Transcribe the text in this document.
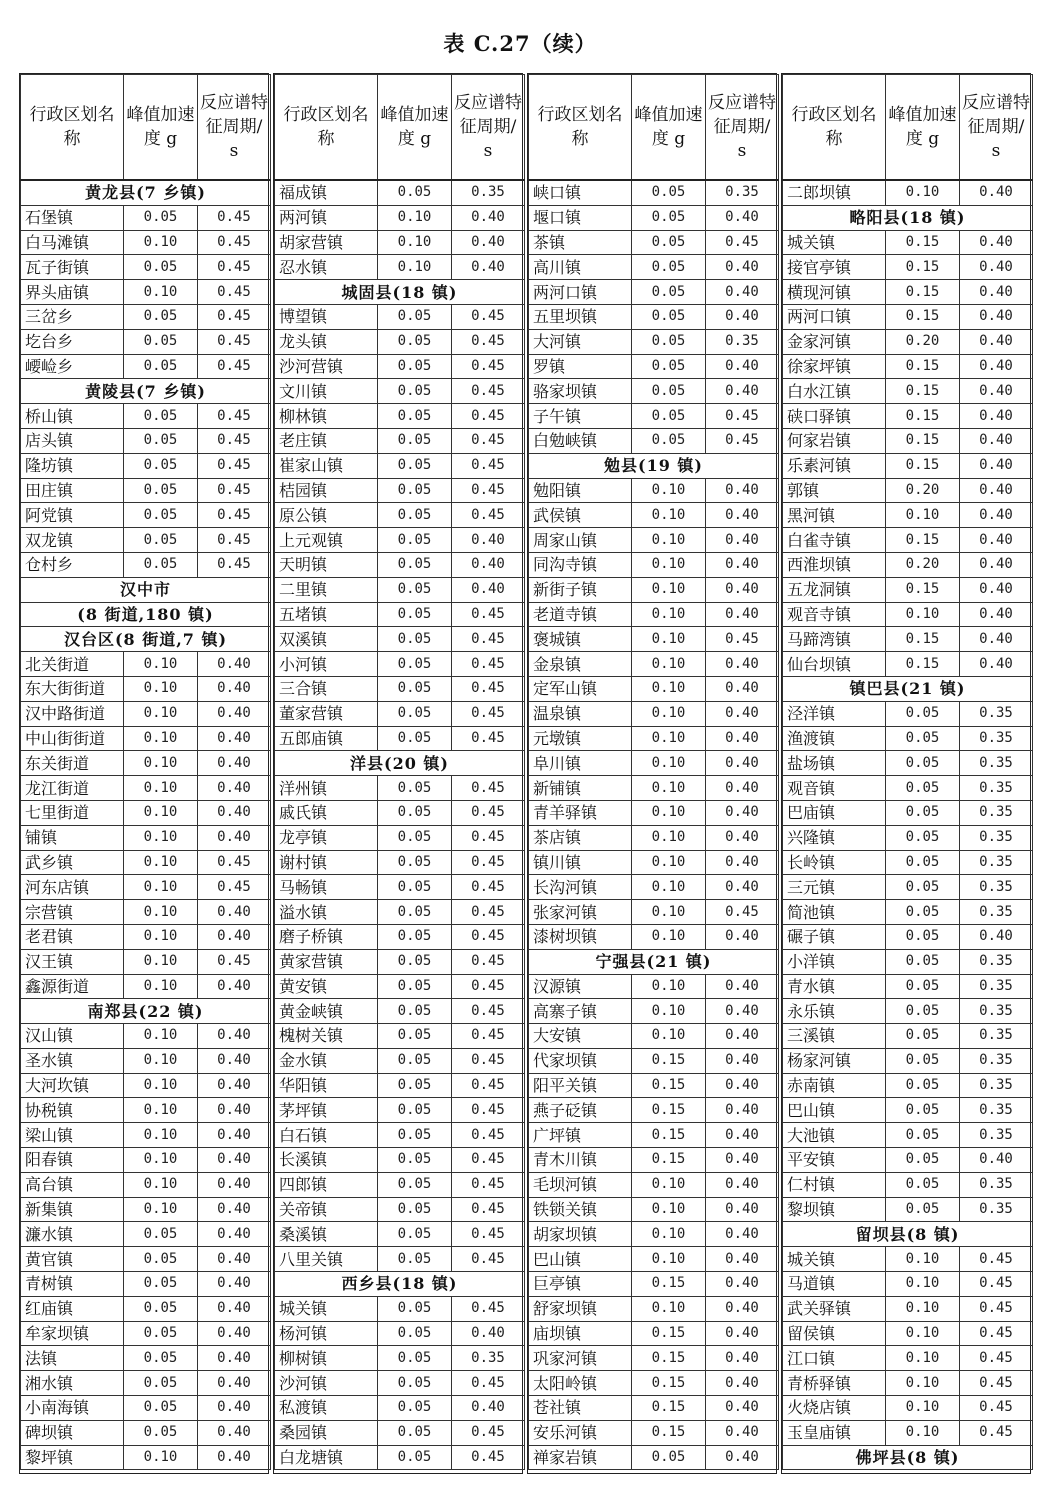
表 C.27（续）
行政区划名称	峰值加速度 g	反应谱特征周期/ s
黄龙县(7 乡镇)		
石堡镇	0.05	0.45
白马滩镇	0.10	0.45
瓦子街镇	0.05	0.45
界头庙镇	0.10	0.45
三岔乡	0.05	0.45
圪台乡	0.05	0.45
崾崄乡	0.05	0.45
黄陵县(7 乡镇)		
桥山镇	0.05	0.45
店头镇	0.05	0.45
隆坊镇	0.05	0.45
田庄镇	0.05	0.45
阿党镇	0.05	0.45
双龙镇	0.05	0.45
仓村乡	0.05	0.45
汉中市		
(8 街道,180 镇)		
汉台区(8 街道,7 镇)		
北关街道	0.10	0.40
东大街街道	0.10	0.40
汉中路街道	0.10	0.40
中山街街道	0.10	0.40
东关街道	0.10	0.40
龙江街道	0.10	0.40
七里街道	0.10	0.40
铺镇	0.10	0.40
武乡镇	0.10	0.45
河东店镇	0.10	0.45
宗营镇	0.10	0.40
老君镇	0.10	0.40
汉王镇	0.10	0.45
鑫源街道	0.10	0.40
南郑县(22 镇)		
汉山镇	0.10	0.40
圣水镇	0.10	0.40
大河坎镇	0.10	0.40
协税镇	0.10	0.40
梁山镇	0.10	0.40
阳春镇	0.10	0.40
高台镇	0.10	0.40
新集镇	0.10	0.40
濂水镇	0.05	0.40
黄官镇	0.05	0.40
青树镇	0.05	0.40
红庙镇	0.05	0.40
牟家坝镇	0.05	0.40
法镇	0.05	0.40
湘水镇	0.05	0.40
小南海镇	0.05	0.40
碑坝镇	0.05	0.40
黎坪镇	0.10	0.40
行政区划名称	峰值加速度 g	反应谱特征周期/ s
福成镇	0.05	0.35
两河镇	0.10	0.40
胡家营镇	0.10	0.40
忍水镇	0.10	0.40
城固县(18 镇)		
博望镇	0.05	0.45
龙头镇	0.05	0.45
沙河营镇	0.05	0.45
文川镇	0.05	0.45
柳林镇	0.05	0.45
老庄镇	0.05	0.45
崔家山镇	0.05	0.45
桔园镇	0.05	0.45
原公镇	0.05	0.45
上元观镇	0.05	0.40
天明镇	0.05	0.40
二里镇	0.05	0.40
五堵镇	0.05	0.45
双溪镇	0.05	0.45
小河镇	0.05	0.45
三合镇	0.05	0.45
董家营镇	0.05	0.45
五郎庙镇	0.05	0.45
洋县(20 镇)		
洋州镇	0.05	0.45
戚氏镇	0.05	0.45
龙亭镇	0.05	0.45
谢村镇	0.05	0.45
马畅镇	0.05	0.45
溢水镇	0.05	0.45
磨子桥镇	0.05	0.45
黄家营镇	0.05	0.45
黄安镇	0.05	0.45
黄金峡镇	0.05	0.45
槐树关镇	0.05	0.45
金水镇	0.05	0.45
华阳镇	0.05	0.45
茅坪镇	0.05	0.45
白石镇	0.05	0.45
长溪镇	0.05	0.45
四郎镇	0.05	0.45
关帝镇	0.05	0.45
桑溪镇	0.05	0.45
八里关镇	0.05	0.45
西乡县(18 镇)		
城关镇	0.05	0.45
杨河镇	0.05	0.40
柳树镇	0.05	0.35
沙河镇	0.05	0.45
私渡镇	0.05	0.40
桑园镇	0.05	0.45
白龙塘镇	0.05	0.45
行政区划名称	峰值加速度 g	反应谱特征周期/ s
峡口镇	0.05	0.35
堰口镇	0.05	0.40
茶镇	0.05	0.45
高川镇	0.05	0.40
两河口镇	0.05	0.40
五里坝镇	0.05	0.40
大河镇	0.05	0.35
罗镇	0.05	0.40
骆家坝镇	0.05	0.40
子午镇	0.05	0.45
白勉峡镇	0.05	0.45
勉县(19 镇)		
勉阳镇	0.10	0.40
武侯镇	0.10	0.40
周家山镇	0.10	0.40
同沟寺镇	0.10	0.40
新街子镇	0.10	0.40
老道寺镇	0.10	0.40
褒城镇	0.10	0.45
金泉镇	0.10	0.40
定军山镇	0.10	0.40
温泉镇	0.10	0.40
元墩镇	0.10	0.40
阜川镇	0.10	0.40
新铺镇	0.10	0.40
青羊驿镇	0.10	0.40
茶店镇	0.10	0.40
镇川镇	0.10	0.40
长沟河镇	0.10	0.40
张家河镇	0.10	0.45
漆树坝镇	0.10	0.40
宁强县(21 镇)		
汉源镇	0.10	0.40
高寨子镇	0.10	0.40
大安镇	0.10	0.40
代家坝镇	0.15	0.40
阳平关镇	0.15	0.40
燕子砭镇	0.15	0.40
广坪镇	0.15	0.40
青木川镇	0.15	0.40
毛坝河镇	0.10	0.40
铁锁关镇	0.10	0.40
胡家坝镇	0.10	0.40
巴山镇	0.10	0.40
巨亭镇	0.15	0.40
舒家坝镇	0.10	0.40
庙坝镇	0.15	0.40
巩家河镇	0.15	0.40
太阳岭镇	0.15	0.40
苍社镇	0.15	0.40
安乐河镇	0.15	0.40
禅家岩镇	0.05	0.40
行政区划名称	峰值加速度 g	反应谱特征周期/ s
二郎坝镇	0.10	0.40
略阳县(18 镇)		
城关镇	0.15	0.40
接官亭镇	0.15	0.40
横现河镇	0.15	0.40
两河口镇	0.15	0.40
金家河镇	0.20	0.40
徐家坪镇	0.15	0.40
白水江镇	0.15	0.40
硖口驿镇	0.15	0.40
何家岩镇	0.15	0.40
乐素河镇	0.15	0.40
郭镇	0.20	0.40
黑河镇	0.10	0.40
白雀寺镇	0.15	0.40
西淮坝镇	0.20	0.40
五龙洞镇	0.15	0.40
观音寺镇	0.10	0.40
马蹄湾镇	0.15	0.40
仙台坝镇	0.15	0.40
镇巴县(21 镇)		
泾洋镇	0.05	0.35
渔渡镇	0.05	0.35
盐场镇	0.05	0.35
观音镇	0.05	0.35
巴庙镇	0.05	0.35
兴隆镇	0.05	0.35
长岭镇	0.05	0.35
三元镇	0.05	0.35
简池镇	0.05	0.35
碾子镇	0.05	0.40
小洋镇	0.05	0.35
青水镇	0.05	0.35
永乐镇	0.05	0.35
三溪镇	0.05	0.35
杨家河镇	0.05	0.35
赤南镇	0.05	0.35
巴山镇	0.05	0.35
大池镇	0.05	0.35
平安镇	0.05	0.40
仁村镇	0.05	0.35
黎坝镇	0.05	0.35
留坝县(8 镇)		
城关镇	0.10	0.45
马道镇	0.10	0.45
武关驿镇	0.10	0.45
留侯镇	0.10	0.45
江口镇	0.10	0.45
青桥驿镇	0.10	0.45
火烧店镇	0.10	0.45
玉皇庙镇	0.10	0.45
佛坪县(8 镇)		
